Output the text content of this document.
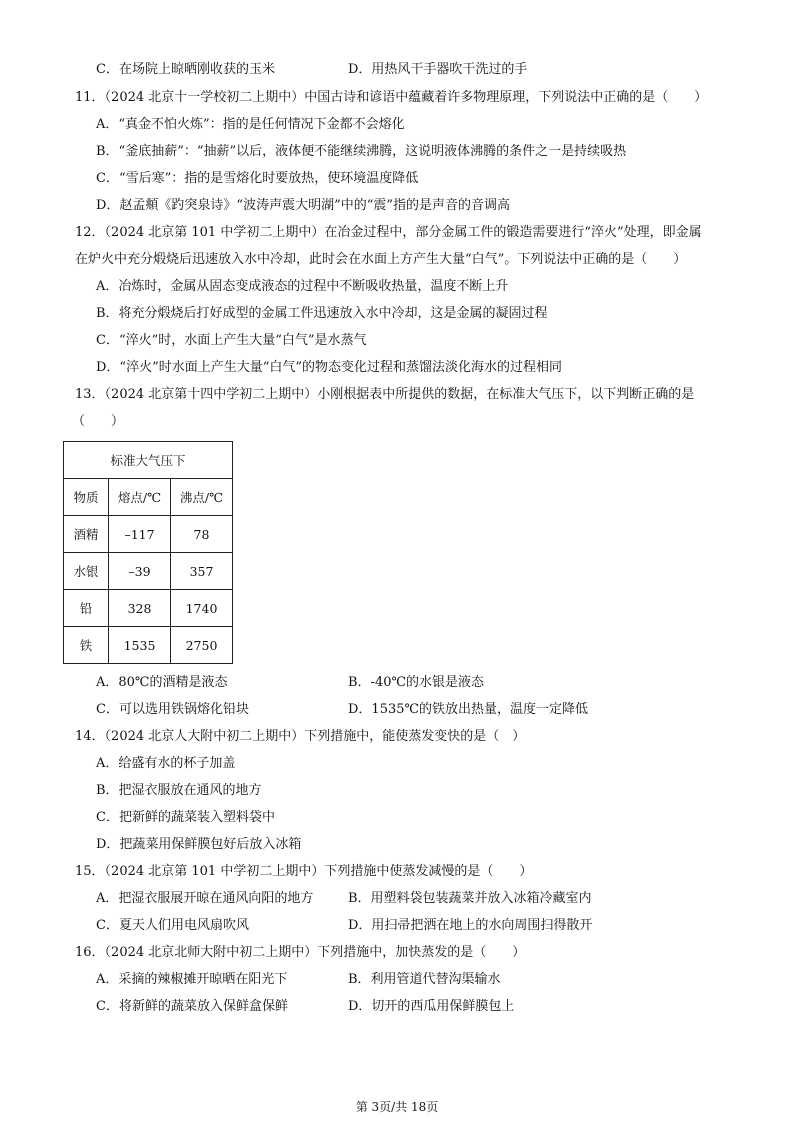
C．在场院上晾晒刚收获的玉米	D．用热风干手器吹干洗过的手
11．（2024 北京十一学校初二上期中）中国古诗和谚语中蕴藏着许多物理原理，下列说法中正确的是（　　）
A．“真金不怕火炼”：指的是任何情况下金都不会熔化
B．“釜底抽薪”：“抽薪”以后，液体便不能继续沸腾，这说明液体沸腾的条件之一是持续吸热
C．“雪后寒”：指的是雪熔化时要放热，使环境温度降低
D．赵孟頫《趵突泉诗》“波涛声震大明湖”中的“震”指的是声音的音调高
12．（2024 北京第 101 中学初二上期中）在冶金过程中，部分金属工件的锻造需要进行“淬火”处理，即金属
在炉火中充分煅烧后迅速放入水中冷却，此时会在水面上方产生大量“白气”。下列说法中正确的是（　　）
A．冶炼时，金属从固态变成液态的过程中不断吸收热量，温度不断上升
B．将充分煅烧后打好成型的金属工件迅速放入水中冷却，这是金属的凝固过程
C．“淬火”时，水面上产生大量“白气”是水蒸气
D．“淬火”时水面上产生大量“白气”的物态变化过程和蒸馏法淡化海水的过程相同
13．（2024 北京第十四中学初二上期中）小刚根据表中所提供的数据，在标准大气压下，以下判断正确的是
（　　）
标准大气压下		
物质	熔点/℃	沸点/℃
酒精	–117	78
水银	–39	357
铅	328	1740
铁	1535	2750
A．80℃的酒精是液态	B．-40℃的水银是液态
C．可以选用铁锅熔化铅块	D．1535℃的铁放出热量，温度一定降低
14．（2024 北京人大附中初二上期中）下列措施中，能使蒸发变快的是（　）
A．给盛有水的杯子加盖
B．把湿衣服放在通风的地方
C．把新鲜的蔬菜装入塑料袋中
D．把蔬菜用保鲜膜包好后放入冰箱
15．（2024 北京第 101 中学初二上期中）下列措施中使蒸发减慢的是（　　）
A．把湿衣服展开晾在通风向阳的地方	B．用塑料袋包装蔬菜并放入冰箱冷藏室内
C．夏天人们用电风扇吹风	D．用扫帚把洒在地上的水向周围扫得散开
16．（2024 北京北师大附中初二上期中）下列措施中，加快蒸发的是（　　）
A．采摘的辣椒摊开晾晒在阳光下	B．利用管道代替沟渠输水
C．将新鲜的蔬菜放入保鲜盒保鲜	D．切开的西瓜用保鲜膜包上
第 3页/共 18页
